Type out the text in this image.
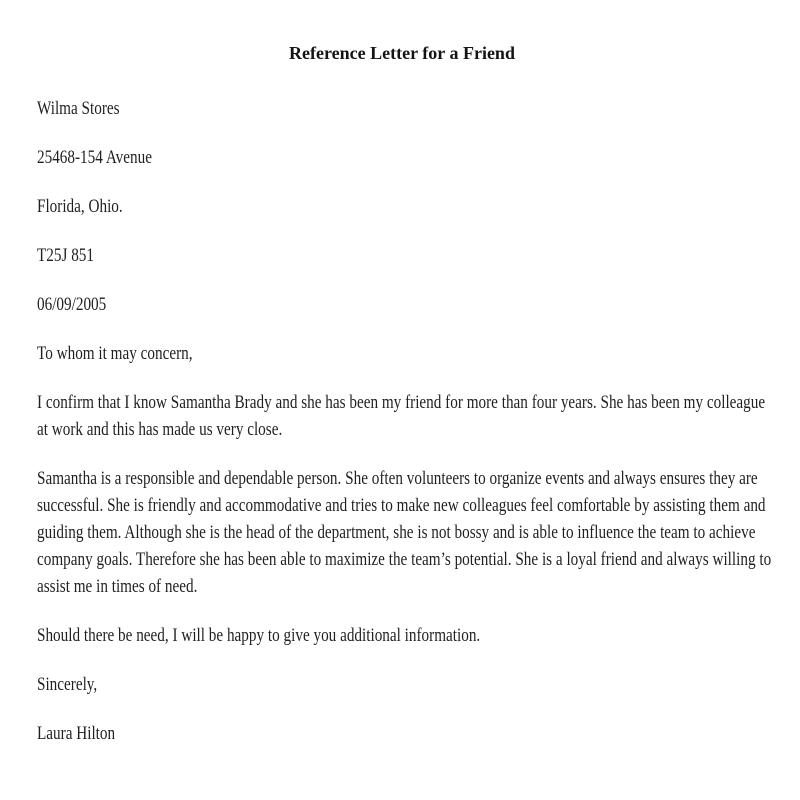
Reference Letter for a Friend
Wilma Stores
25468-154 Avenue
Florida, Ohio.
T25J 851
06/09/2005
To whom it may concern,
I confirm that I know Samantha Brady and she has been my friend for more than four years. She has been my colleague
at work and this has made us very close.
Samantha is a responsible and dependable person. She often volunteers to organize events and always ensures they are
successful. She is friendly and accommodative and tries to make new colleagues feel comfortable by assisting them and
guiding them. Although she is the head of the department, she is not bossy and is able to influence the team to achieve
company goals. Therefore she has been able to maximize the team’s potential. She is a loyal friend and always willing to
assist me in times of need.
Should there be need, I will be happy to give you additional information.
Sincerely,
Laura Hilton
